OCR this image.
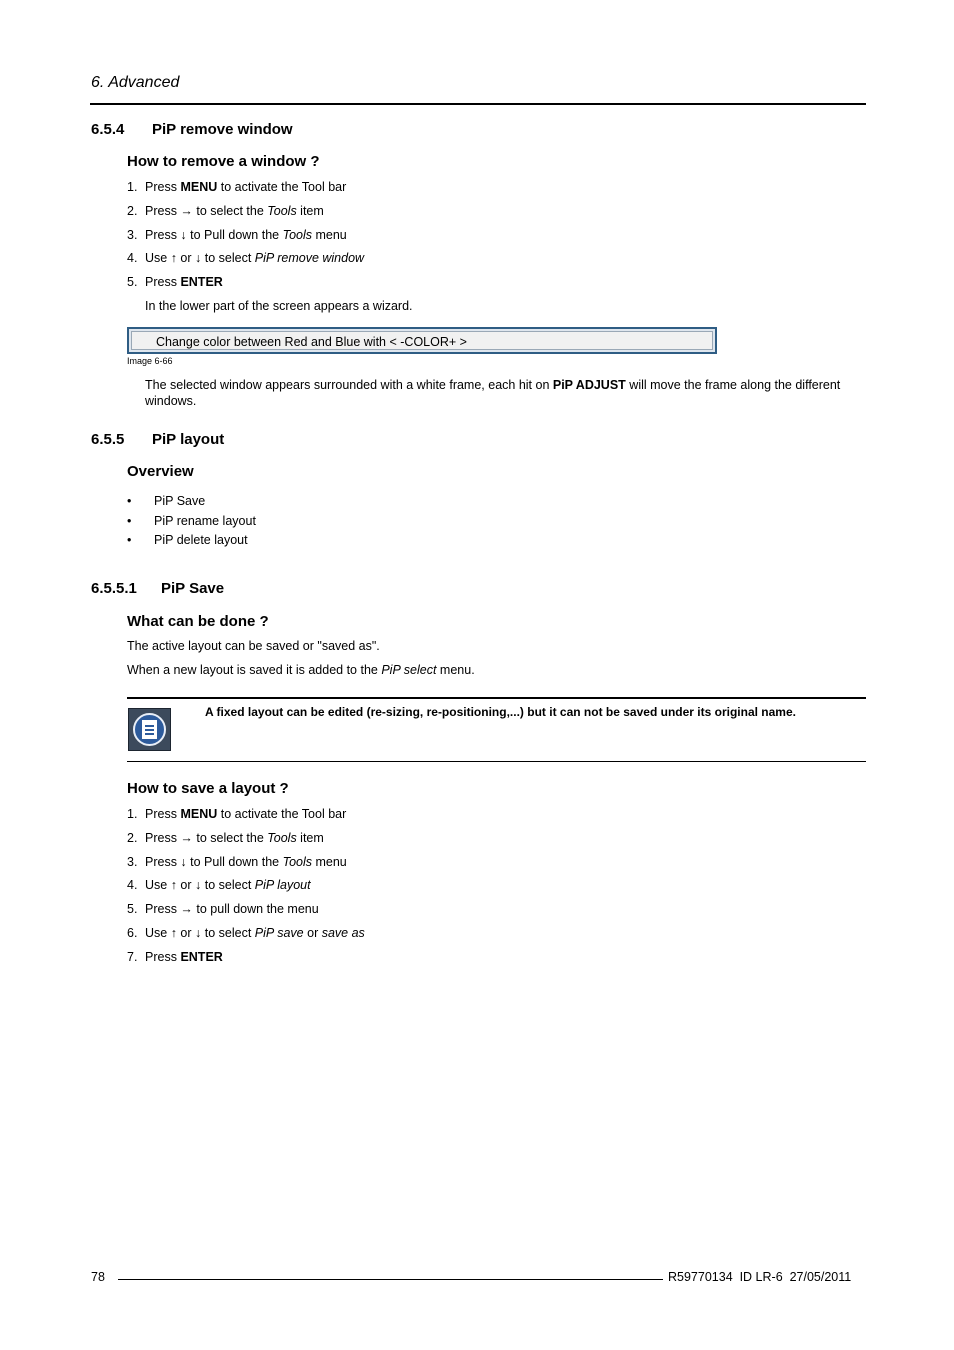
6. Advanced
6.5.4 PiP remove window
How to remove a window ?
1. Press MENU to activate the Tool bar
2. Press → to select the Tools item
3. Press ↓ to Pull down the Tools menu
4. Use ↑ or ↓ to select PiP remove window
5. Press ENTER
In the lower part of the screen appears a wizard.
Change color between Red and Blue with < -COLOR+ >
Image 6-66
The selected window appears surrounded with a white frame, each hit on PiP ADJUST will move the frame along the different windows.
6.5.5 PiP layout
Overview
• PiP Save
• PiP rename layout
• PiP delete layout
6.5.5.1 PiP Save
What can be done ?
The active layout can be saved or "saved as".
When a new layout is saved it is added to the PiP select menu.
A fixed layout can be edited (re-sizing, re-positioning,...) but it can not be saved under its original name.
How to save a layout ?
1. Press MENU to activate the Tool bar
2. Press → to select the Tools item
3. Press ↓ to Pull down the Tools menu
4. Use ↑ or ↓ to select PiP layout
5. Press → to pull down the menu
6. Use ↑ or ↓ to select PiP save or save as
7. Press ENTER
78	R59770134  ID LR-6  27/05/2011
